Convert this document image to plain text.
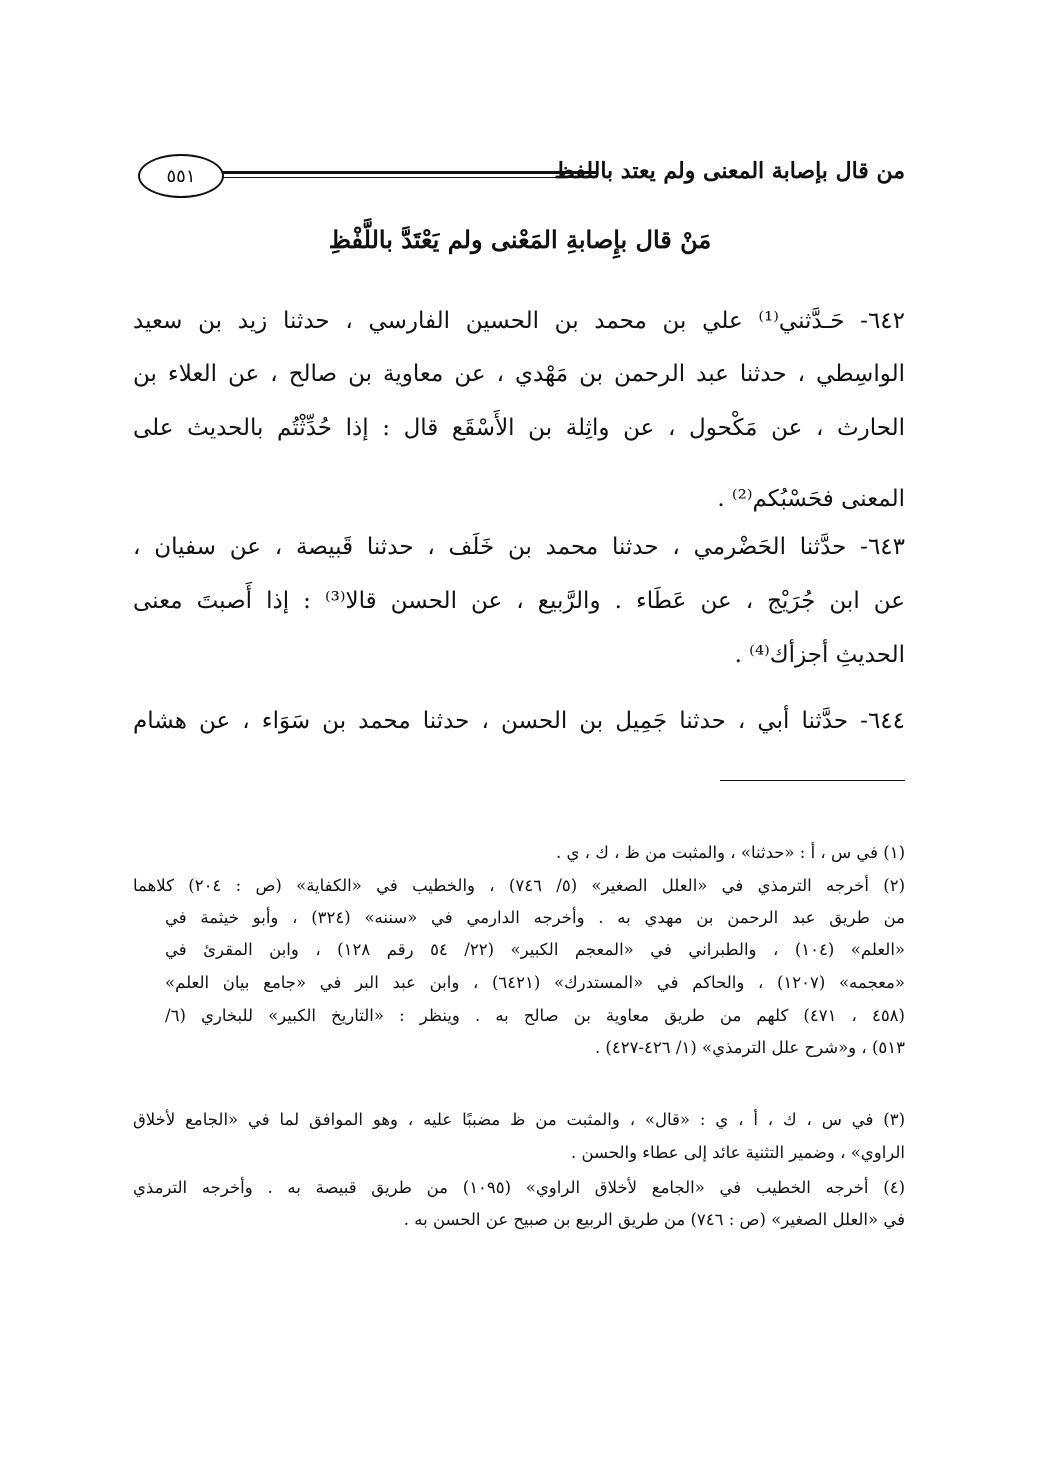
من قال بإصابة المعنى ولم يعتد باللفظ
٥٥١
مَنْ قال بإِصابةِ المَعْنى ولم يَعْتَدَّ باللَّفْظِ
٦٤٢- حَـدَّثني⁽¹⁾ علي بن محمد بن الحسين الفارسي ، حدثنا زيد بن سعيد
الواسِطي ، حدثنا عبد الرحمن بن مَهْدي ، عن معاوية بن صالح ، عن العلاء بن
الحارث ، عن مَكْحول ، عن واثِلة بن الأَسْقَع قال : إذا حُدِّثْتُم بالحديث على
المعنى فحَسْبُكم⁽²⁾ .
٦٤٣- حدَّثنا الحَضْرمي ، حدثنا محمد بن خَلَف ، حدثنا قَبيصة ، عن سفيان ،
عن ابن جُرَيْج ، عن عَطَاء . والرَّبيع ، عن الحسن قالا⁽³⁾ : إذا أَصبتَ معنى
الحديثِ أجزأك⁽⁴⁾ .
٦٤٤- حدَّثنا أبي ، حدثنا جَمِيل بن الحسن ، حدثنا محمد بن سَوَاء ، عن هشام
(١) في س ، أ : «حدثنا» ، والمثبت من ظ ، ك ، ي .
(٢) أخرجه الترمذي في «العلل الصغير» (٥/ ٧٤٦) ، والخطيب في «الكفاية» (ص : ٢٠٤) كلاهما
من طريق عبد الرحمن بن مهدي به . وأخرجه الدارمي في «سننه» (٣٢٤) ، وأبو خيثمة في
«العلم» (١٠٤) ، والطبراني في «المعجم الكبير» (٢٢/ ٥٤ رقم ١٢٨) ، وابن المقرئ في
«معجمه» (١٢٠٧) ، والحاكم في «المستدرك» (٦٤٢١) ، وابن عبد البر في «جامع بيان العلم»
(٤٥٨ ، ٤٧١) كلهم من طريق معاوية بن صالح به . وينظر : «التاريخ الكبير» للبخاري (٦/
٥١٣) ، و«شرح علل الترمذي» (١/ ٤٢٦-٤٢٧) .
(٣) في س ، ك ، أ ، ي : «قال» ، والمثبت من ظ مضببًا عليه ، وهو الموافق لما في «الجامع لأخلاق
الراوي» ، وضمير التثنية عائد إلى عطاء والحسن .
(٤) أخرجه الخطيب في «الجامع لأخلاق الراوي» (١٠٩٥) من طريق قبيصة به . وأخرجه الترمذي
في «العلل الصغير» (ص : ٧٤٦) من طريق الربيع بن صبيح عن الحسن به .
